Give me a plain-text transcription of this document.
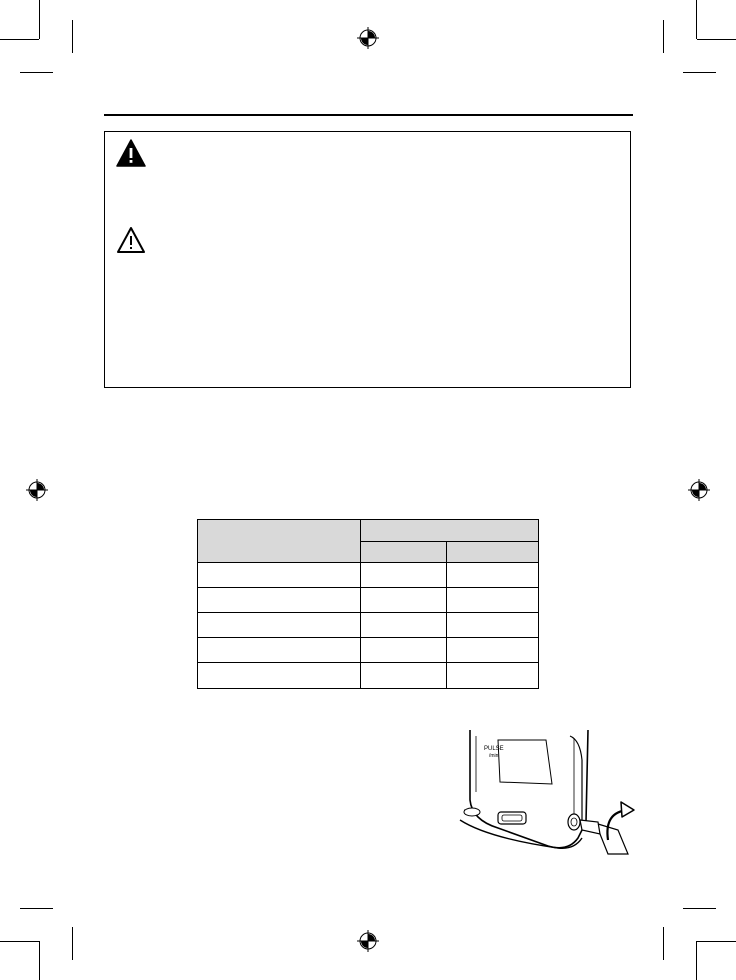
PULSE
/min
